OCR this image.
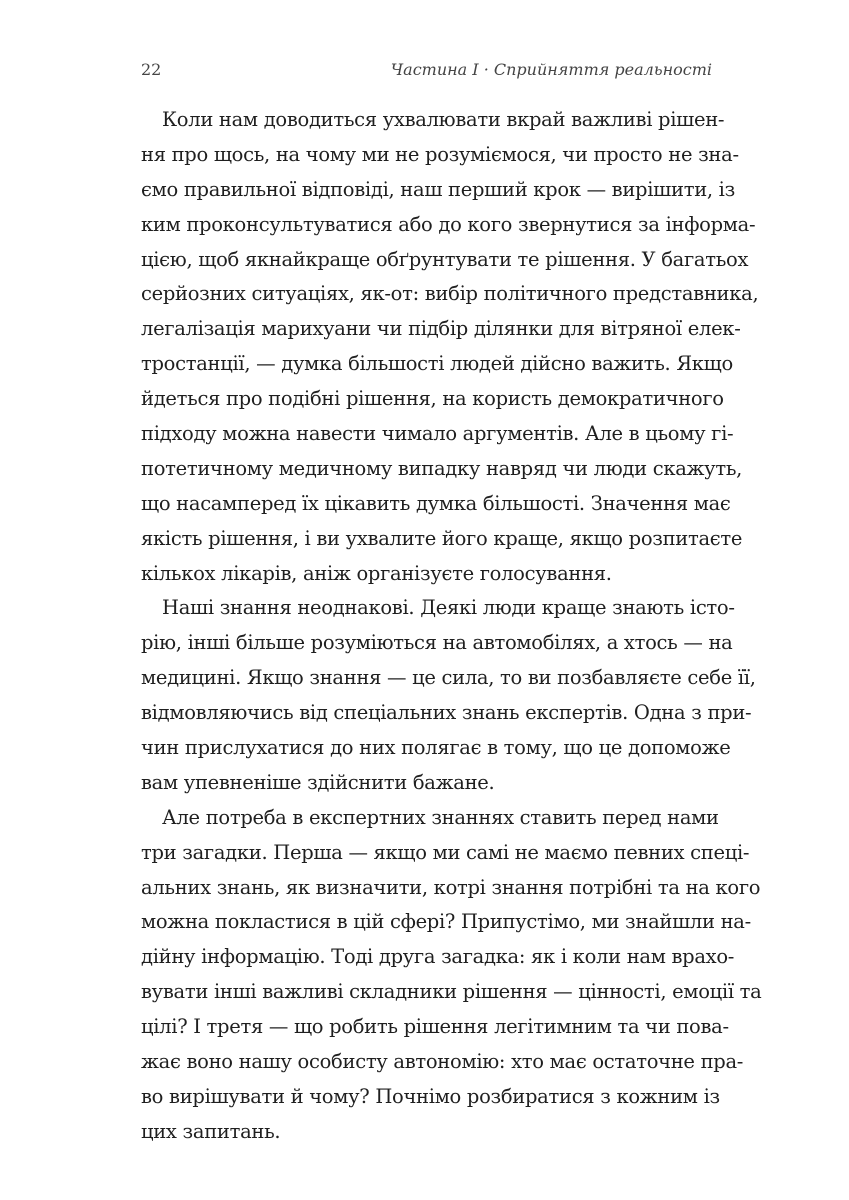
22	Частина І · Сприйняття реальності
Коли нам доводиться ухвалювати вкрай важливі рішен-
ня про щось, на чому ми не розуміємося, чи просто не зна-
ємо правильної відповіді, наш перший крок — вирішити, із
ким проконсультуватися або до кого звернутися за інформа-
цією, щоб якнайкраще обґрунтувати те рішення. У багатьох
серйозних ситуаціях, як-от: вибір політичного представника,
легалізація марихуани чи підбір ділянки для вітряної елек-
тростанції, — думка більшості людей дійсно важить. Якщо
йдеться про подібні рішення, на користь демократичного
підходу можна навести чимало аргументів. Але в цьому гі-
потетичному медичному випадку навряд чи люди скажуть,
що насамперед їх цікавить думка більшості. Значення має
якість рішення, і ви ухвалите його краще, якщо розпитаєте
кількох лікарів, аніж організуєте голосування.
Наші знання неоднакові. Деякі люди краще знають істо-
рію, інші більше розуміються на автомобілях, а хтось — на
медицині. Якщо знання — це сила, то ви позбавляєте себе її,
відмовляючись від спеціальних знань експертів. Одна з при-
чин прислухатися до них полягає в тому, що це допоможе
вам упевненіше здійснити бажане.
Але потреба в експертних знаннях ставить перед нами
три загадки. Перша — якщо ми самі не маємо певних спеці-
альних знань, як визначити, котрі знання потрібні та на кого
можна покластися в цій сфері? Припустімо, ми знайшли на-
дійну інформацію. Тоді друга загадка: як і коли нам врахо-
вувати інші важливі складники рішення — цінності, емоції та
цілі? І третя — що робить рішення легітимним та чи пова-
жає воно нашу особисту автономію: хто має остаточне пра-
во вирішувати й чому? Почнімо розбиратися з кожним із
цих запитань.
